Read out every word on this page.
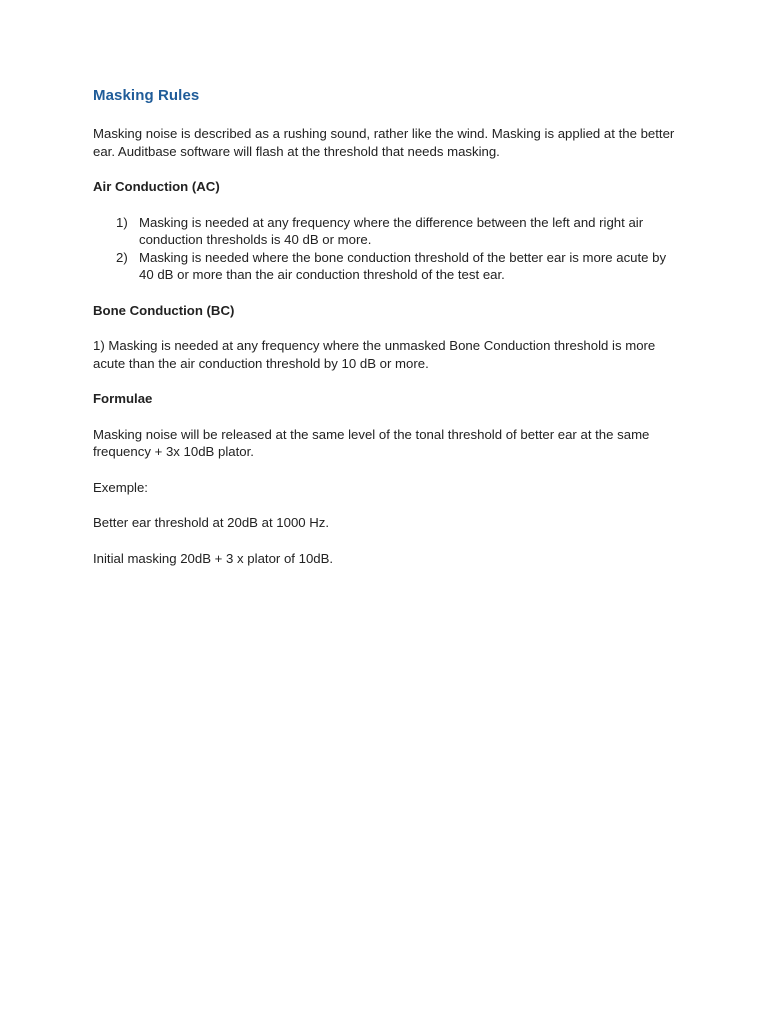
Masking Rules

Masking noise is described as a rushing sound, rather like the wind. Masking is applied at the better ear. Auditbase software will flash at the threshold that needs masking.

Air Conduction (AC)
1) Masking is needed at any frequency where the difference between the left and right air conduction thresholds is 40 dB or more.
2) Masking is needed where the bone conduction threshold of the better ear is more acute by 40 dB or more than the air conduction threshold of the test ear.
Bone Conduction (BC)

1) Masking is needed at any frequency where the unmasked Bone Conduction threshold is more acute than the air conduction threshold by 10 dB or more.

Formulae

Masking noise will be released at the same level of the tonal threshold of better ear at the same frequency + 3x 10dB plator.

Exemple:

Better ear threshold at 20dB at 1000 Hz.

Initial masking 20dB + 3 x plator of 10dB.
